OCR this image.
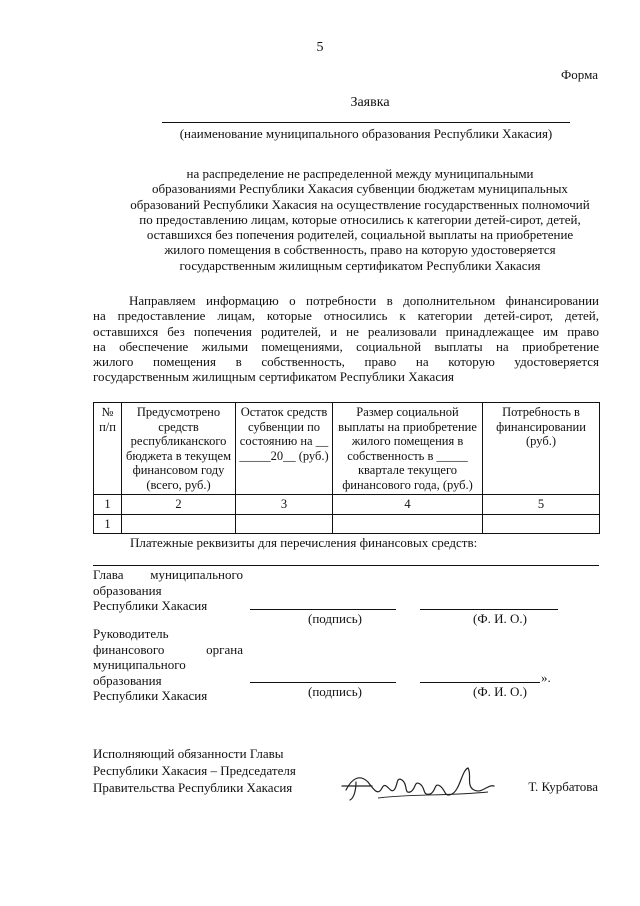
5
Форма
Заявка
(наименование муниципального образования Республики Хакасия)
на распределение не распределенной между муниципальными
образованиями Республики Хакасия субвенции бюджетам муниципальных
образований Республики Хакасия на осуществление государственных полномочий
по предоставлению лицам, которые относились к категории детей-сирот, детей,
оставшихся без попечения родителей, социальной выплаты на приобретение
жилого помещения в собственность, право на которую удостоверяется
государственным жилищным сертификатом Республики Хакасия
Направляем информацию о потребности в дополнительном финансировании
на предоставление лицам, которые относились к категории детей-сирот, детей,
оставшихся без попечения родителей, и не реализовали принадлежащее им право
на обеспечение жилыми помещениями, социальной выплаты на приобретение
жилого помещения в собственность, право на которую удостоверяется
государственным жилищным сертификатом Республики Хакасия
№ п/п	Предусмотрено средств республиканского бюджета в текущем финансовом году (всего, руб.)	Остаток средств субвенции по состоянию на __ _____20__ (руб.)	Размер социальной выплаты на приобретение жилого помещения в собственность в _____ квартале текущего финансового года, (руб.)	Потребность в финансировании (руб.)
1	2	3	4	5
1				
Платежные реквизиты для перечисления финансовых средств:
Глава муниципального
образования
Республики Хакасия
(подпись)	(Ф. И. О.)
Руководитель
финансового органа
муниципального
образования
Республики Хакасия
».
(подпись)	(Ф. И. О.)
Исполняющий обязанности Главы
Республики Хакасия – Председателя
Правительства Республики Хакасия	Т. Курбатова
